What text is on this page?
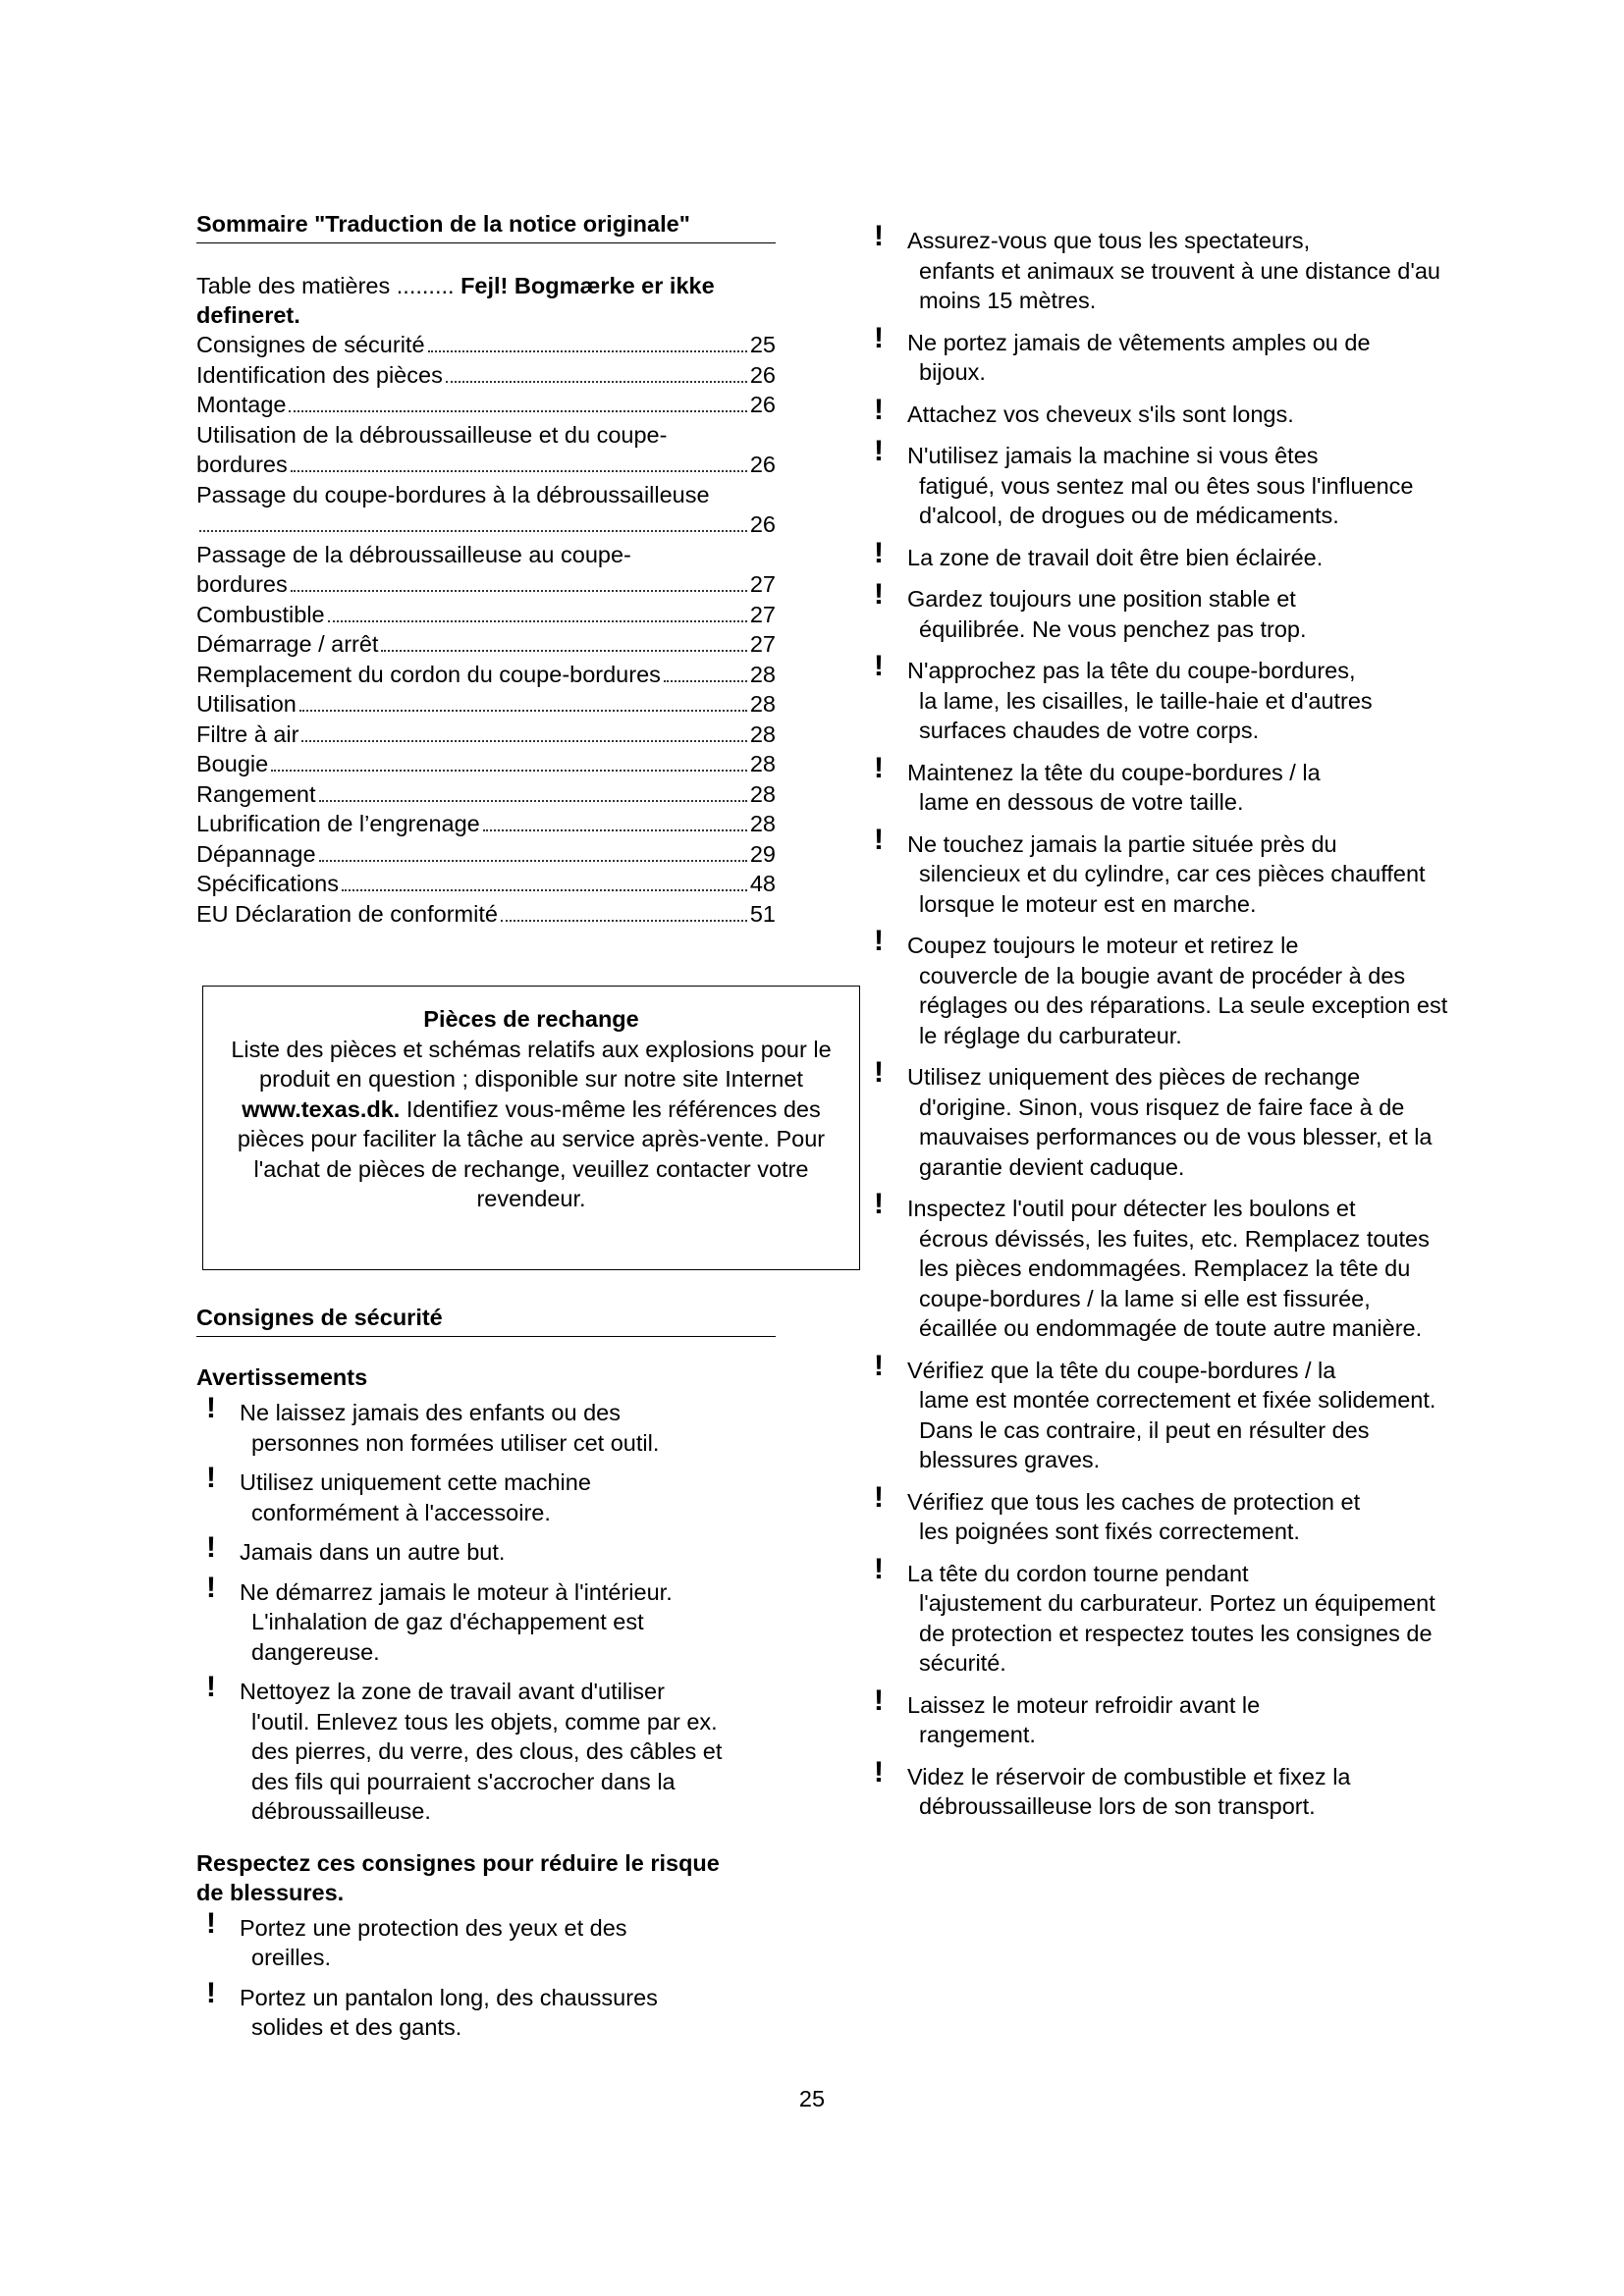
Sommaire "Traduction de la notice originale"
Table des matières ......... Fejl! Bogmærke er ikke defineret.
Consignes de sécurité	25
Identification des pièces	26
Montage	26
Utilisation de la débroussailleuse et du coupe-
bordures	26
Passage du coupe-bordures à la débroussailleuse
26
Passage de la débroussailleuse au coupe-
bordures	27
Combustible	27
Démarrage / arrêt	27
Remplacement du cordon du coupe-bordures	28
Utilisation	28
Filtre à air	28
Bougie	28
Rangement	28
Lubrification de l’engrenage	28
Dépannage	29
Spécifications	48
EU Déclaration de conformité	51
Pièces de rechange
Liste des pièces et schémas relatifs aux explosions pour le produit en question ; disponible sur notre site Internet www.texas.dk. Identifiez vous-même les références des pièces pour faciliter la tâche au service après-vente. Pour l'achat de pièces de rechange, veuillez contacter votre revendeur.
Consignes de sécurité
Avertissements
! Ne laissez jamais des enfants ou des
personnes non formées utiliser cet outil.
! Utilisez uniquement cette machine
conformément à l'accessoire.
! Jamais dans un autre but.
! Ne démarrez jamais le moteur à l'intérieur.
L'inhalation de gaz d'échappement est dangereuse.
! Nettoyez la zone de travail avant d'utiliser
l'outil. Enlevez tous les objets, comme par ex. des pierres, du verre, des clous, des câbles et des fils qui pourraient s'accrocher dans la débroussailleuse.
Respectez ces consignes pour réduire le risque de blessures.
! Portez une protection des yeux et des
oreilles.
! Portez un pantalon long, des chaussures
solides et des gants.
! Assurez-vous que tous les spectateurs,
enfants et animaux se trouvent à une distance d'au moins 15 mètres.
! Ne portez jamais de vêtements amples ou de
bijoux.
! Attachez vos cheveux s'ils sont longs.
! N'utilisez jamais la machine si vous êtes
fatigué, vous sentez mal ou êtes sous l'influence d'alcool, de drogues ou de médicaments.
! La zone de travail doit être bien éclairée.
! Gardez toujours une position stable et
équilibrée. Ne vous penchez pas trop.
! N'approchez pas la tête du coupe-bordures,
la lame, les cisailles, le taille-haie et d'autres surfaces chaudes de votre corps.
! Maintenez la tête du coupe-bordures / la
lame en dessous de votre taille.
! Ne touchez jamais la partie située près du
silencieux et du cylindre, car ces pièces chauffent lorsque le moteur est en marche.
! Coupez toujours le moteur et retirez le
couvercle de la bougie avant de procéder à des réglages ou des réparations. La seule exception est le réglage du carburateur.
! Utilisez uniquement des pièces de rechange
d'origine. Sinon, vous risquez de faire face à de mauvaises performances ou de vous blesser, et la garantie devient caduque.
! Inspectez l'outil pour détecter les boulons et
écrous dévissés, les fuites, etc. Remplacez toutes les pièces endommagées. Remplacez la tête du coupe-bordures / la lame si elle est fissurée, écaillée ou endommagée de toute autre manière.
! Vérifiez que la tête du coupe-bordures / la
lame est montée correctement et fixée solidement. Dans le cas contraire, il peut en résulter des blessures graves.
! Vérifiez que tous les caches de protection et
les poignées sont fixés correctement.
! La tête du cordon tourne pendant
l'ajustement du carburateur. Portez un équipement de protection et respectez toutes les consignes de sécurité.
! Laissez le moteur refroidir avant le
rangement.
! Videz le réservoir de combustible et fixez la
débroussailleuse lors de son transport.
25
